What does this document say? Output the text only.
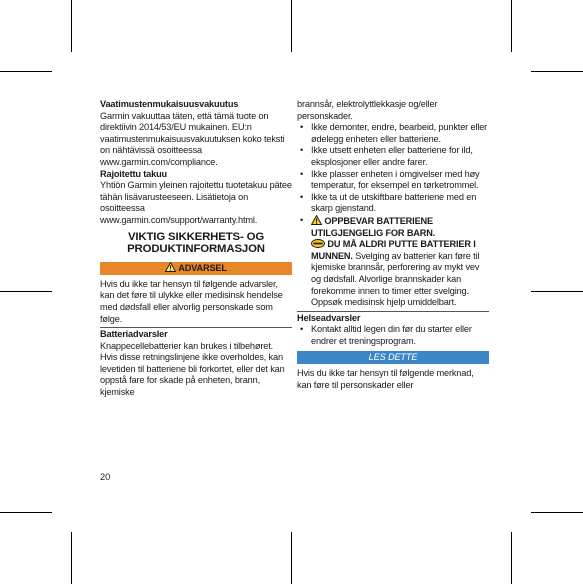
Vaatimustenmukaisuusvakuutus

Garmin vakuuttaa täten, että tämä tuote on direktiivin 2014/53/EU mukainen. EU:n vaatimustenmukaisuusvakuutuksen koko teksti on nähtävissä osoitteessa www.garmin.com/compliance.

Rajoitettu takuu

Yhtiön Garmin yleinen rajoitettu tuotetakuu pätee tähän lisävarusteeseen. Lisätietoja on osoitteessa www.garmin.com/support/warranty.html.

VIKTIG SIKKERHETS- OG PRODUKTINFORMASJON

ADVARSEL

Hvis du ikke tar hensyn til følgende advarsler, kan det føre til ulykke eller medisinsk hendelse med dødsfall eller alvorlig personskade som følge.

Batteriadvarsler

Knappecellebatterier kan brukes i tilbehøret.

Hvis disse retningslinjene ikke overholdes, kan levetiden til batteriene bli forkortet, eller det kan oppstå fare for skade på enheten, brann, kjemiske

brannsår, elektrolyttlekkasje og/eller personskader.

• Ikke demonter, endre, bearbeid, punkter eller ødelegg enheten eller batteriene.
• Ikke utsett enheten eller batteriene for ild, eksplosjoner eller andre farer.
• Ikke plasser enheten i omgivelser med høy temperatur, for eksempel en tørketrommel.
• Ikke ta ut de utskiftbare batteriene med en skarp gjenstand.
• OPPBEVAR BATTERIENE UTILGJENGELIG FOR BARN.
DU MÅ ALDRI PUTTE BATTERIER I MUNNEN. Svelging av batterier kan føre til kjemiske brannsår, perforering av mykt vev og dødsfall. Alvorlige brannskader kan forekomme innen to timer etter svelging. Oppsøk medisinsk hjelp umiddelbart.

Helseadvarsler

• Kontakt alltid legen din før du starter eller endrer et treningsprogram.
LES DETTE

Hvis du ikke tar hensyn til følgende merknad, kan føre til personskader eller

20
